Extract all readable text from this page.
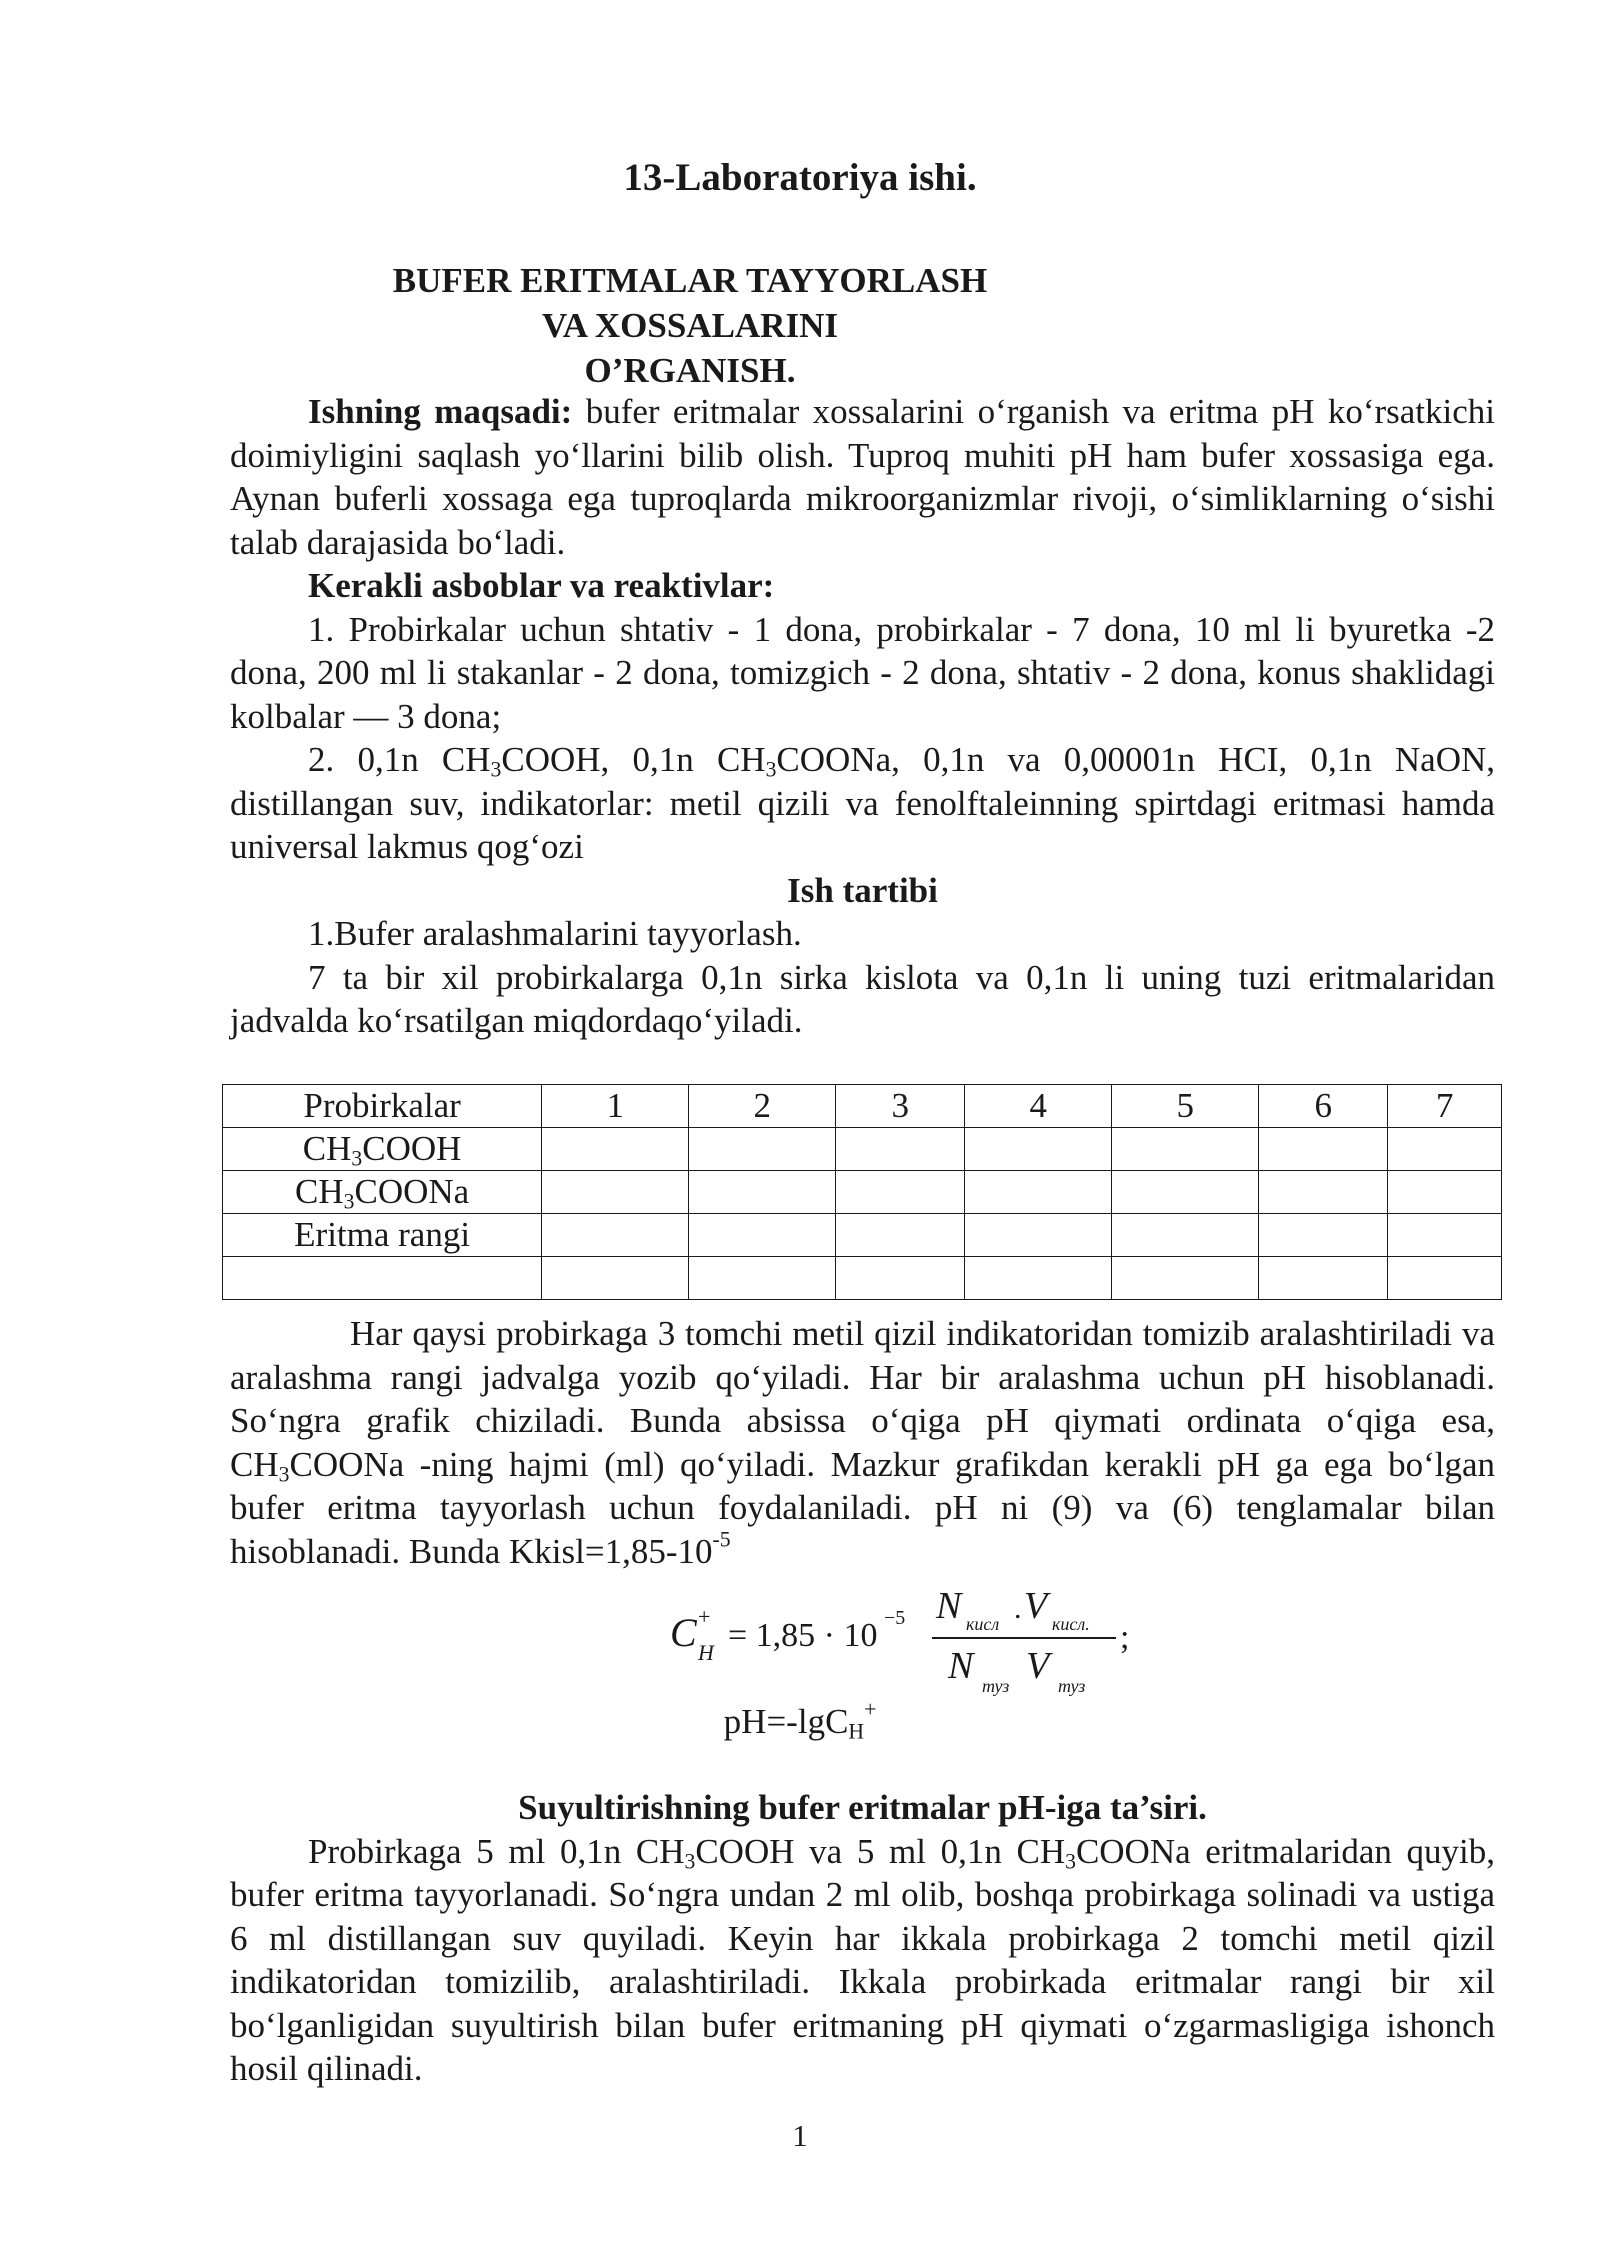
13-Laboratoriya ishi.
BUFER ERITMALAR TAYYORLASH VA XOSSALARINI
O’RGANISH.

Ishning maqsadi: bufer eritmalar xossalarini o‘rganish va eritma pH ko‘rsatkichi doimiyligini saqlash yo‘llarini bilib olish. Tuproq muhiti pH ham bufer xossasiga ega. Aynan buferli xossaga ega tuproqlarda mikroorganizmlar rivoji, o‘simliklarning o‘sishi talab darajasida bo‘ladi.

Kerakli asboblar va reaktivlar:

1. Probirkalar uchun shtativ - 1 dona, probirkalar - 7 dona, 10 ml li byuretka -2 dona, 200 ml li stakanlar - 2 dona, tomizgich - 2 dona, shtativ - 2 dona, konus shaklidagi kolbalar — 3 dona;

2. 0,1n $CH_3COOH$, 0,1n $CH_3COONa$, 0,1n va 0,00001n HCI, 0,1n NaON, distillangan suv, indikatorlar: metil qizili va fenolftaleinning spirtdagi eritmasi hamda universal lakmus qog‘ozi

Ish tartibi

1.Bufer aralashmalarini tayyorlash.

7 ta bir xil probirkalarga 0,1n sirka kislota va 0,1n li uning tuzi eritmalaridan jadvalda ko‘rsatilgan miqdordaqo‘yiladi.

Probirkalar	1	2	3	4	5	6	7
$CH_3COOH$							
$CH_3COONa$							
Eritma rangi							

Har qaysi probirkaga 3 tomchi metil qizil indikatoridan tomizib aralashtiriladi va aralashma rangi jadvalga yozib qo‘yiladi. Har bir aralashma uchun pH hisoblanadi. So‘ngra grafik chiziladi. Bunda absissa o‘qiga pH qiymati ordinata o‘qiga esa, $CH_3COONa$ -ning hajmi (ml) qo‘yiladi. Mazkur grafikdan kerakli pH ga ega bo‘lgan bufer eritma tayyorlash uchun foydalaniladi. pH ni (9) va (6) tenglamalar bilan hisoblanadi. Bunda $Kkisl=1,85-10^{-5}$

C +
H = 1,85 · 10 −5 N кисл . V кисл.
N туз V туз
;
pH=-lgC$_H$+

Suyultirishning bufer eritmalar pH-iga ta’siri.

Probirkaga 5 ml 0,1n $CH_3COOH$ va 5 ml 0,1n $CH_3COONa$ eritmalaridan quyib, bufer eritma tayyorlanadi. So‘ngra undan 2 ml olib, boshqa probirkaga solinadi va ustiga 6 ml distillangan suv quyiladi. Keyin har ikkala probirkaga 2 tomchi metil qizil indikatoridan tomizilib, aralashtiriladi. Ikkala probirkada eritmalar rangi bir xil bo‘lganligidan suyultirish bilan bufer eritmaning pH qiymati o‘zgarmasligiga ishonch hosil qilinadi.

1
